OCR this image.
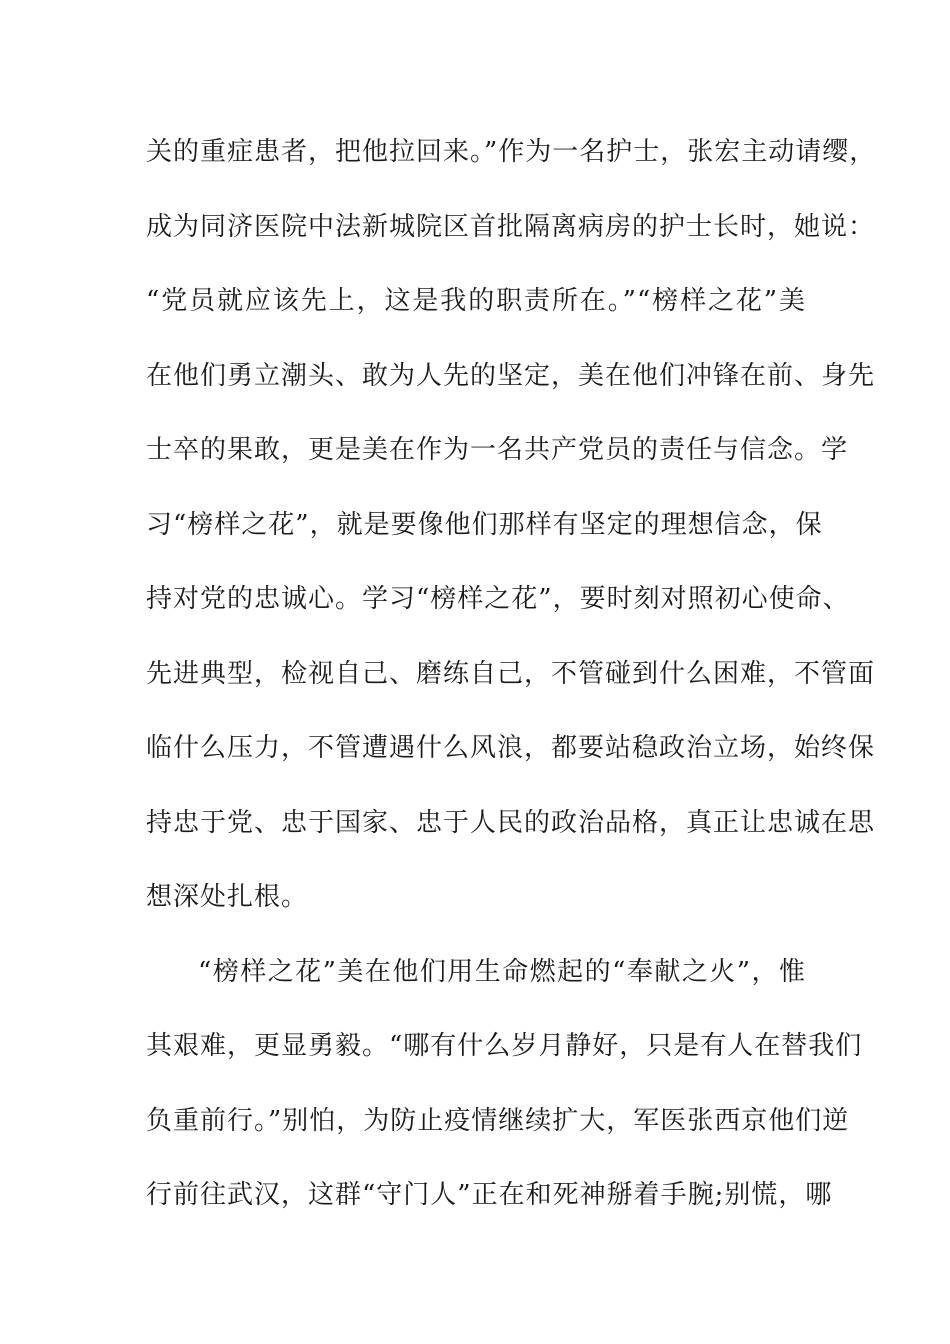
关的重症患者，把他拉回来。”作为一名护士，张宏主动请缨，
成为同济医院中法新城院区首批隔离病房的护士长时，她说：
“党员就应该先上，这是我的职责所在。”“榜样之花”美
在他们勇立潮头、敢为人先的坚定，美在他们冲锋在前、身先
士卒的果敢，更是美在作为一名共产党员的责任与信念。学
习“榜样之花”，就是要像他们那样有坚定的理想信念，保
持对党的忠诚心。学习“榜样之花”，要时刻对照初心使命、
先进典型，检视自己、磨练自己，不管碰到什么困难，不管面
临什么压力，不管遭遇什么风浪，都要站稳政治立场，始终保
持忠于党、忠于国家、忠于人民的政治品格，真正让忠诚在思
想深处扎根。
“榜样之花”美在他们用生命燃起的“奉献之火”，惟
其艰难，更显勇毅。“哪有什么岁月静好，只是有人在替我们
负重前行。”别怕，为防止疫情继续扩大，军医张西京他们逆
行前往武汉，这群“守门人”正在和死神掰着手腕;别慌，哪
